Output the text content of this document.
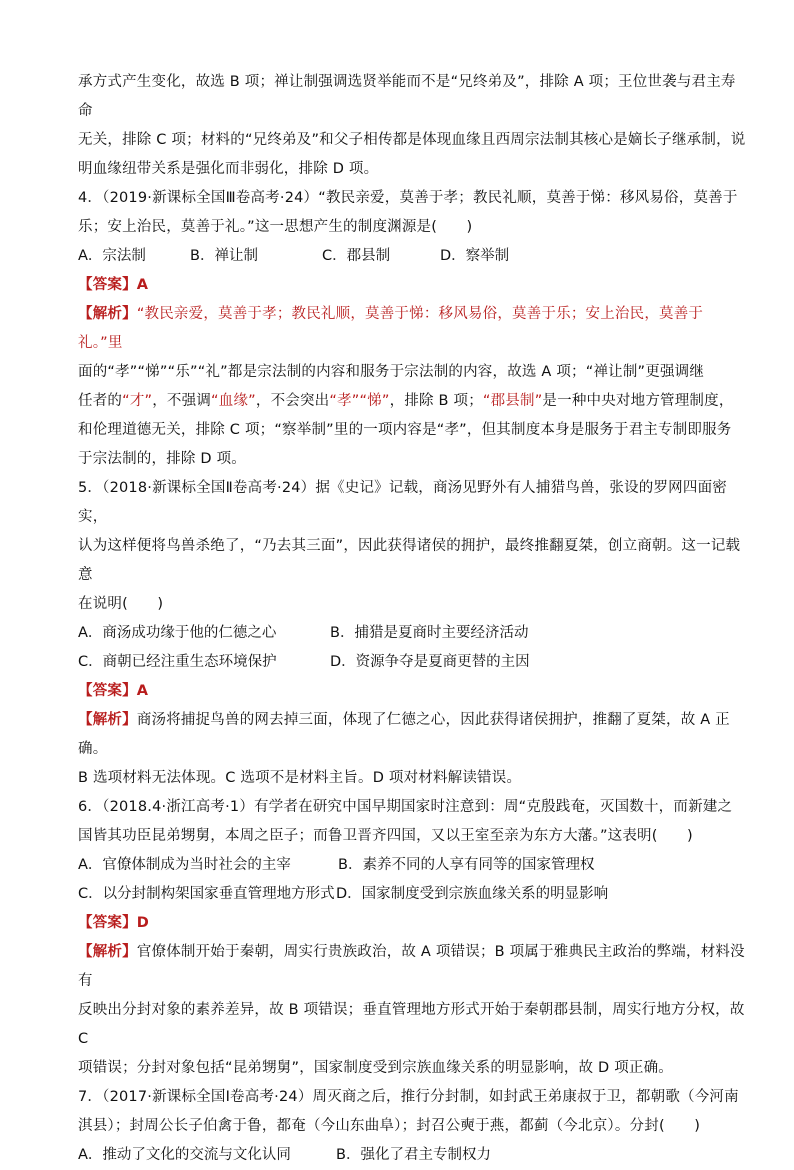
承方式产生变化，故选 B 项；禅让制强调选贤举能而不是“兄终弟及”，排除 A 项；王位世袭与君主寿命

无关，排除 C 项；材料的“兄终弟及”和父子相传都是体现血缘且西周宗法制其核心是嫡长子继承制，说

明血缘纽带关系是强化而非弱化，排除 D 项。

4．（2019·新课标全国Ⅲ卷高考·24）“教民亲爱，莫善于孝；教民礼顺，莫善于悌：移风易俗，莫善于

乐；安上治民，莫善于礼。”这一思想产生的制度渊源是(　　)

A．宗法制	B．禅让制	C．郡县制	D．察举制

【答案】A

【解析】“教民亲爱，莫善于孝；教民礼顺，莫善于悌：移风易俗，莫善于乐；安上治民，莫善于礼。”里

面的“孝”“悌”“乐”“礼”都是宗法制的内容和服务于宗法制的内容，故选 A 项；“禅让制”更强调继

任者的“才”，不强调“血缘”，不会突出“孝”“悌”，排除 B 项；“郡县制”是一种中央对地方管理制度，

和伦理道德无关，排除 C 项；“察举制”里的一项内容是“孝”，但其制度本身是服务于君主专制即服务

于宗法制的，排除 D 项。

5．（2018·新课标全国Ⅱ卷高考·24）据《史记》记载，商汤见野外有人捕猎鸟兽，张设的罗网四面密实，

认为这样便将鸟兽杀绝了，“乃去其三面”，因此获得诸侯的拥护，最终推翻夏桀，创立商朝。这一记载意

在说明(　　)

A．商汤成功缘于他的仁德之心	B．捕猎是夏商时主要经济活动
C．商朝已经注重生态环境保护	D．资源争夺是夏商更替的主因

【答案】A

【解析】商汤将捕捉鸟兽的网去掉三面，体现了仁德之心，因此获得诸侯拥护，推翻了夏桀，故 A 正确。

B 选项材料无法体现。C 选项不是材料主旨。D 项对材料解读错误。

6．（2018.4·浙江高考·1）有学者在研究中国早期国家时注意到：周“克殷践奄，灭国数十，而新建之

国皆其功臣昆弟甥舅，本周之臣子；而鲁卫晋齐四国，又以王室至亲为东方大藩。”这表明(　　)

A．官僚体制成为当时社会的主宰	B．素养不同的人享有同等的国家管理权
C．以分封制构架国家垂直管理地方形式 D．国家制度受到宗族血缘关系的明显影响

【答案】D

【解析】官僚体制开始于秦朝，周实行贵族政治，故 A 项错误；B 项属于雅典民主政治的弊端，材料没有

反映出分封对象的素养差异，故 B 项错误；垂直管理地方形式开始于秦朝郡县制，周实行地方分权，故 C

项错误；分封对象包括“昆弟甥舅”，国家制度受到宗族血缘关系的明显影响，故 D 项正确。

7．（2017·新课标全国Ⅰ卷高考·24）周灭商之后，推行分封制，如封武王弟康叔于卫，都朝歌（今河南

淇县）；封周公长子伯禽于鲁，都奄（今山东曲阜）；封召公奭于燕，都蓟（今北京）。分封(　　)

A．推动了文化的交流与文化认同	B．强化了君主专制权力
